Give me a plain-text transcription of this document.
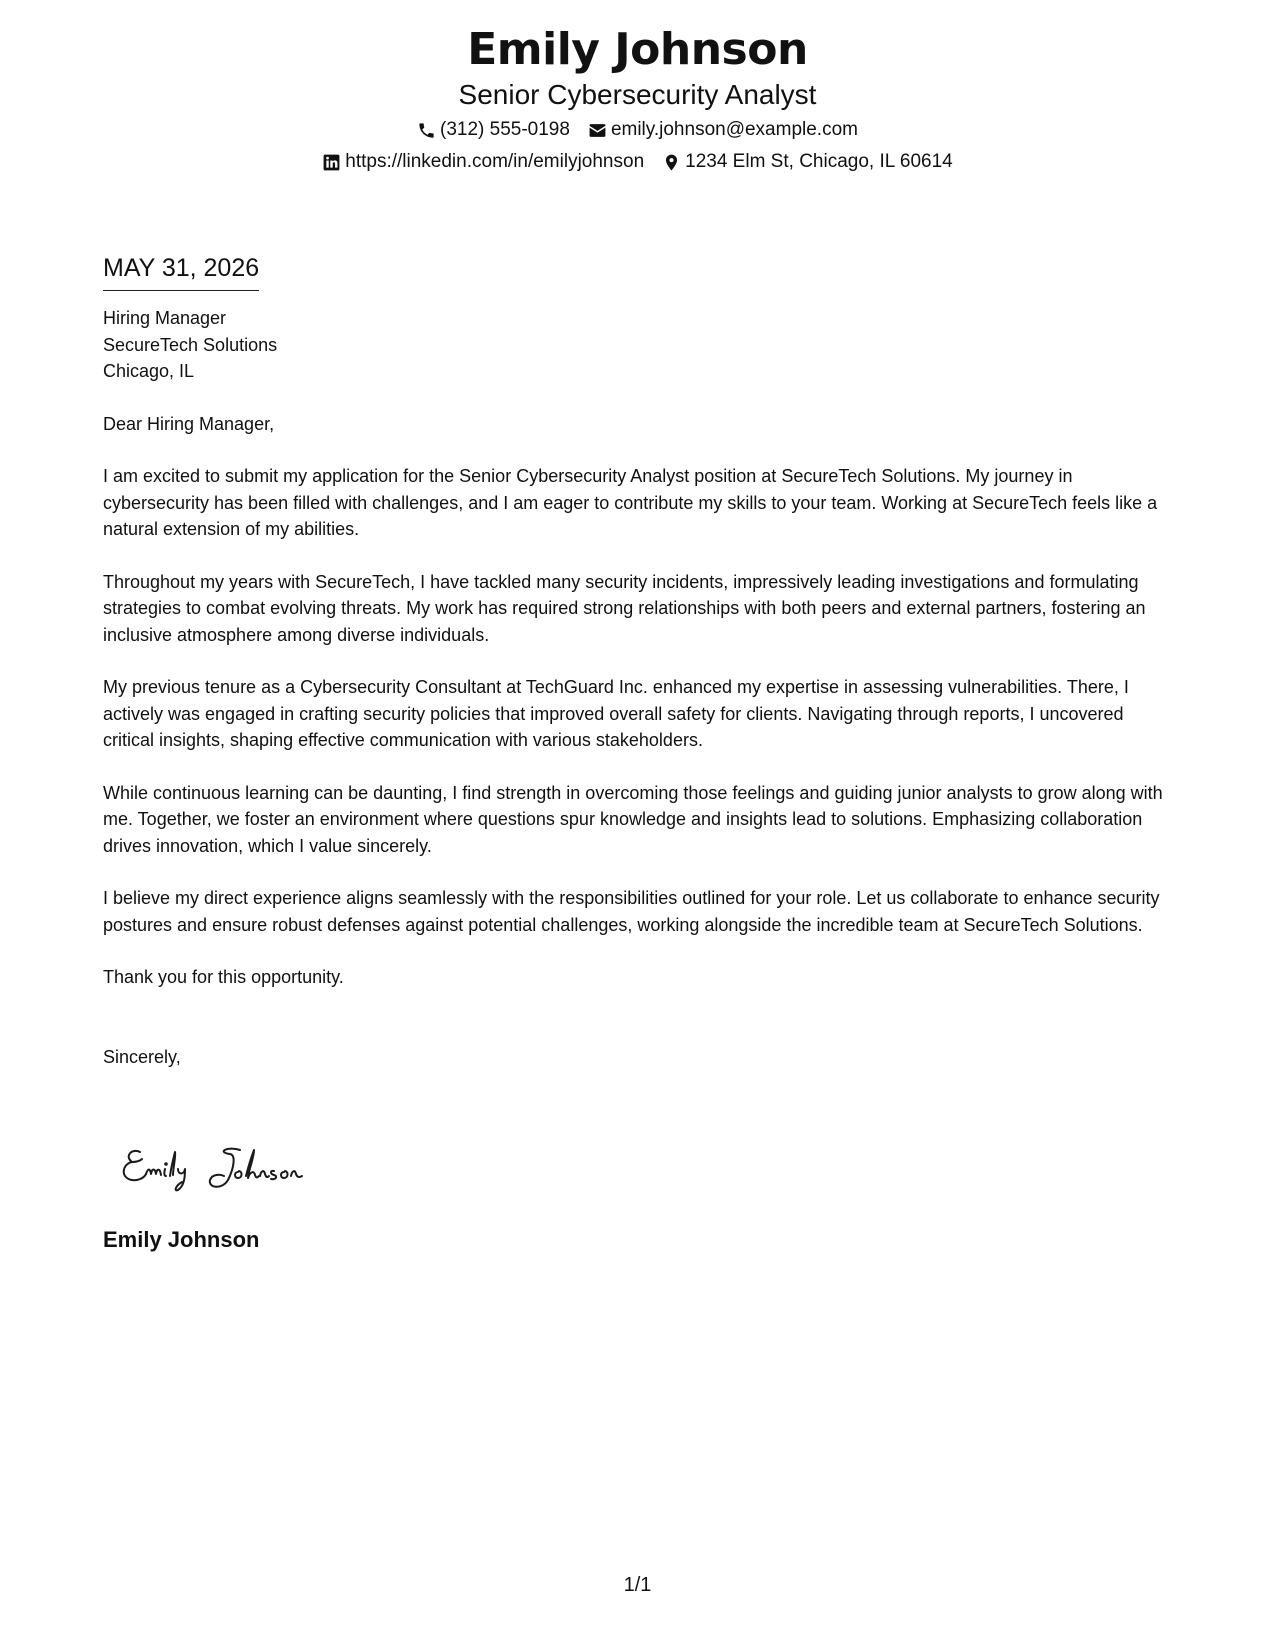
Emily Johnson
Senior Cybersecurity Analyst
(312) 555-0198 emily.johnson@example.com
https://linkedin.com/in/emilyjohnson 1234 Elm St, Chicago, IL 60614
MAY 31, 2026
Hiring Manager
SecureTech Solutions
Chicago, IL

Dear Hiring Manager,

I am excited to submit my application for the Senior Cybersecurity Analyst position at SecureTech Solutions. My journey in cybersecurity has been filled with challenges, and I am eager to contribute my skills to your team. Working at SecureTech feels like a natural extension of my abilities.

Throughout my years with SecureTech, I have tackled many security incidents, impressively leading investigations and formulating strategies to combat evolving threats. My work has required strong relationships with both peers and external partners, fostering an inclusive atmosphere among diverse individuals.

My previous tenure as a Cybersecurity Consultant at TechGuard Inc. enhanced my expertise in assessing vulnerabilities. There, I actively was engaged in crafting security policies that improved overall safety for clients. Navigating through reports, I uncovered critical insights, shaping effective communication with various stakeholders.

While continuous learning can be daunting, I find strength in overcoming those feelings and guiding junior analysts to grow along with me. Together, we foster an environment where questions spur knowledge and insights lead to solutions. Emphasizing collaboration drives innovation, which I value sincerely.

I believe my direct experience aligns seamlessly with the responsibilities outlined for your role. Let us collaborate to enhance security postures and ensure robust defenses against potential challenges, working alongside the incredible team at SecureTech Solutions.

Thank you for this opportunity.

Sincerely,

Emily Johnson
1/1
